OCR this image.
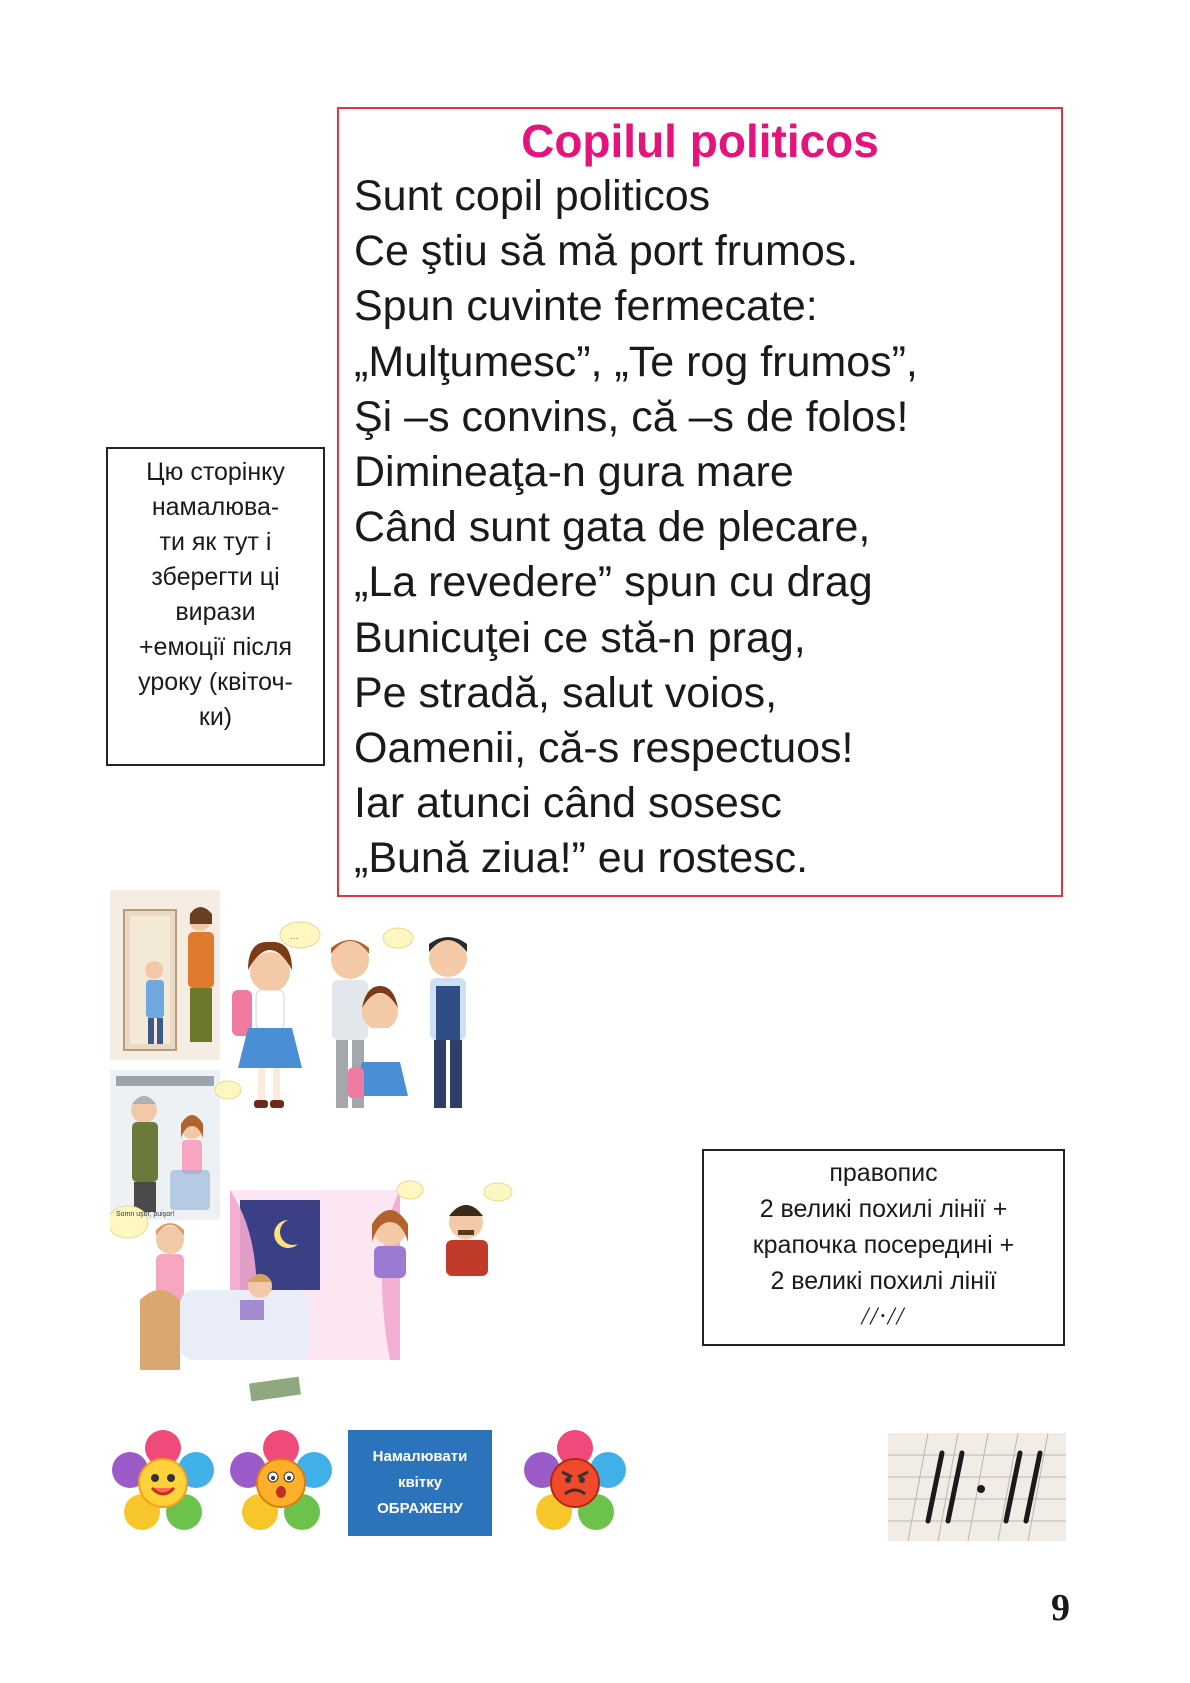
Copilul politicos
Sunt copil politicos
Ce ştiu să mă port frumos.
Spun cuvinte fermecate:
„Mulţumesc”, „Te rog frumos”,
Şi –s convins, că –s de folos!
Dimineaţa-n gura mare
Când sunt gata de plecare,
„La revedere” spun cu drag
Bunicuţei ce stă-n prag,
Pe stradă, salut voios,
Oamenii, că-s respectuos!
Iar atunci când sosesc
„Bună ziua!” eu rostesc.
Цю сторінку
намалюва-
ти як тут і
зберегти ці
вирази
+емоції після
уроку (квіточ-
ки)
...
Somn uşor, puişor!
Намалювати
квітку
ОБРАЖЕНУ
правопис
2 великі похилі лінії +
крапочка посередині +
2 великі похилі лінії
//·//
9
